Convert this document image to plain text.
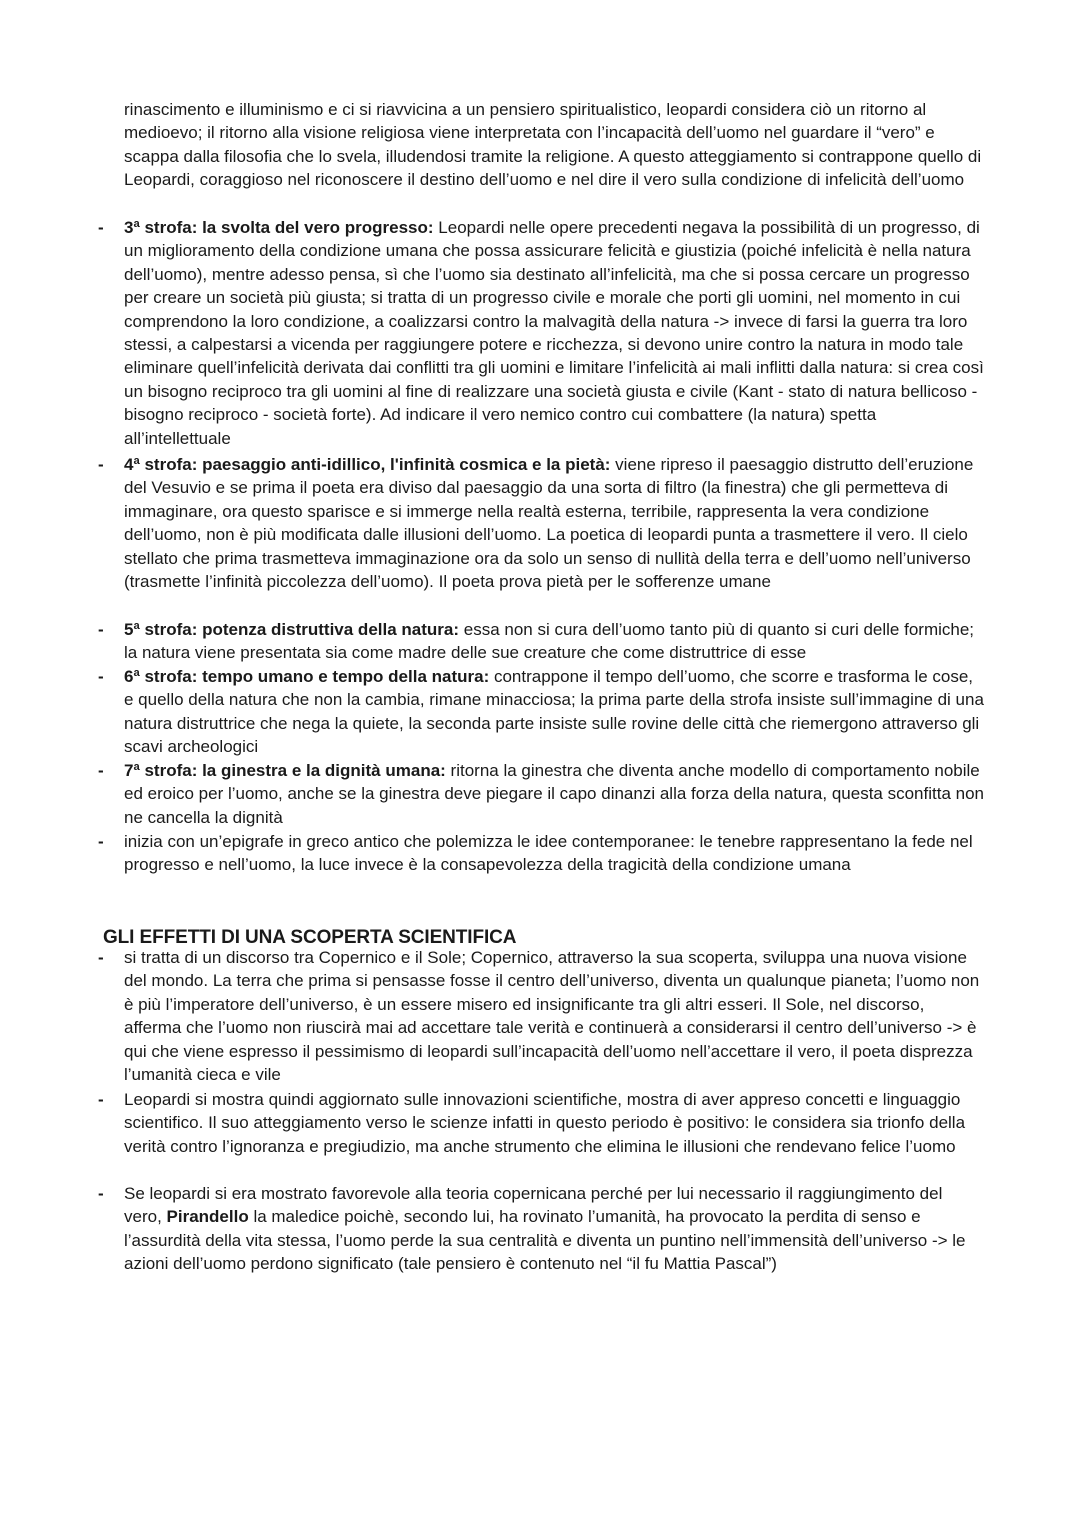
rinascimento e illuminismo e ci si riavvicina a un pensiero spiritualistico, leopardi considera ciò un ritorno al medioevo; il ritorno alla visione religiosa viene interpretata con l’incapacità dell’uomo nel guardare il “vero” e scappa dalla filosofia che lo svela, illudendosi tramite la religione. A questo atteggiamento si contrappone quello di Leopardi, coraggioso nel riconoscere il destino dell’uomo e nel dire il vero sulla condizione di infelicità dell’uomo

- 3ª strofa: la svolta del vero progresso: Leopardi nelle opere precedenti negava la possibilità di un progresso, di un miglioramento della condizione umana che possa assicurare felicità e giustizia (poiché infelicità è nella natura dell’uomo), mentre adesso pensa, sì che l’uomo sia destinato all’infelicità, ma che si possa cercare un progresso per creare un società più giusta; si tratta di un progresso civile e morale che porti gli uomini, nel momento in cui comprendono la loro condizione, a coalizzarsi contro la malvagità della natura -> invece di farsi la guerra tra loro stessi, a calpestarsi a vicenda per raggiungere potere e ricchezza, si devono unire contro la natura in modo tale eliminare quell’infelicità derivata dai conflitti tra gli uomini e limitare l’infelicità ai mali inflitti dalla natura: si crea così un bisogno reciproco tra gli uomini al fine di realizzare una società giusta e civile (Kant - stato di natura bellicoso - bisogno reciproco - società forte). Ad indicare il vero nemico contro cui combattere (la natura) spetta all’intellettuale
- 4ª strofa: paesaggio anti-idillico, l'infinità cosmica e la pietà: viene ripreso il paesaggio distrutto dell’eruzione del Vesuvio e se prima il poeta era diviso dal paesaggio da una sorta di filtro (la finestra) che gli permetteva di immaginare, ora questo sparisce e si immerge nella realtà esterna, terribile, rappresenta la vera condizione dell’uomo, non è più modificata dalle illusioni dell’uomo. La poetica di leopardi punta a trasmettere il vero. Il cielo stellato che prima trasmetteva immaginazione ora da solo un senso di nullità della terra e dell’uomo nell’universo (trasmette l’infinità piccolezza dell’uomo). Il poeta prova pietà per le sofferenze umane
- 5ª strofa: potenza distruttiva della natura: essa non si cura dell’uomo tanto più di quanto si curi delle formiche; la natura viene presentata sia come madre delle sue creature che come distruttrice di esse
- 6ª strofa: tempo umano e tempo della natura: contrappone il tempo dell’uomo, che scorre e trasforma le cose, e quello della natura che non la cambia, rimane minacciosa; la prima parte della strofa insiste sull’immagine di una natura distruttrice che nega la quiete, la seconda parte insiste sulle rovine delle città che riemergono attraverso gli scavi archeologici
- 7ª strofa: la ginestra e la dignità umana: ritorna la ginestra che diventa anche modello di comportamento nobile ed eroico per l’uomo, anche se la ginestra deve piegare il capo dinanzi alla forza della natura, questa sconfitta non ne cancella la dignità
- inizia con un’epigrafe in greco antico che polemizza le idee contemporanee: le tenebre rappresentano la fede nel progresso e nell’uomo, la luce invece è la consapevolezza della tragicità della condizione umana
GLI EFFETTI DI UNA SCOPERTA SCIENTIFICA
- si tratta di un discorso tra Copernico e il Sole; Copernico, attraverso la sua scoperta, sviluppa una nuova visione del mondo. La terra che prima si pensasse fosse il centro dell’universo, diventa un qualunque pianeta; l’uomo non è più l’imperatore dell’universo, è un essere misero ed insignificante tra gli altri esseri. Il Sole, nel discorso, afferma che l’uomo non riuscirà mai ad accettare tale verità e continuerà a considerarsi il centro dell’universo -> è qui che viene espresso il pessimismo di leopardi sull’incapacità dell’uomo nell’accettare il vero, il poeta disprezza l’umanità cieca e vile
- Leopardi si mostra quindi aggiornato sulle innovazioni scientifiche, mostra di aver appreso concetti e linguaggio scientifico. Il suo atteggiamento verso le scienze infatti in questo periodo è positivo: le considera sia trionfo della verità contro l’ignoranza e pregiudizio, ma anche strumento che elimina le illusioni che rendevano felice l’uomo
- Se leopardi si era mostrato favorevole alla teoria copernicana perché per lui necessario il raggiungimento del vero, Pirandello la maledice poichè, secondo lui, ha rovinato l’umanità, ha provocato la perdita di senso e l’assurdità della vita stessa, l’uomo perde la sua centralità e diventa un puntino nell’immensità dell’universo -> le azioni dell’uomo perdono significato (tale pensiero è contenuto nel “il fu Mattia Pascal”)
